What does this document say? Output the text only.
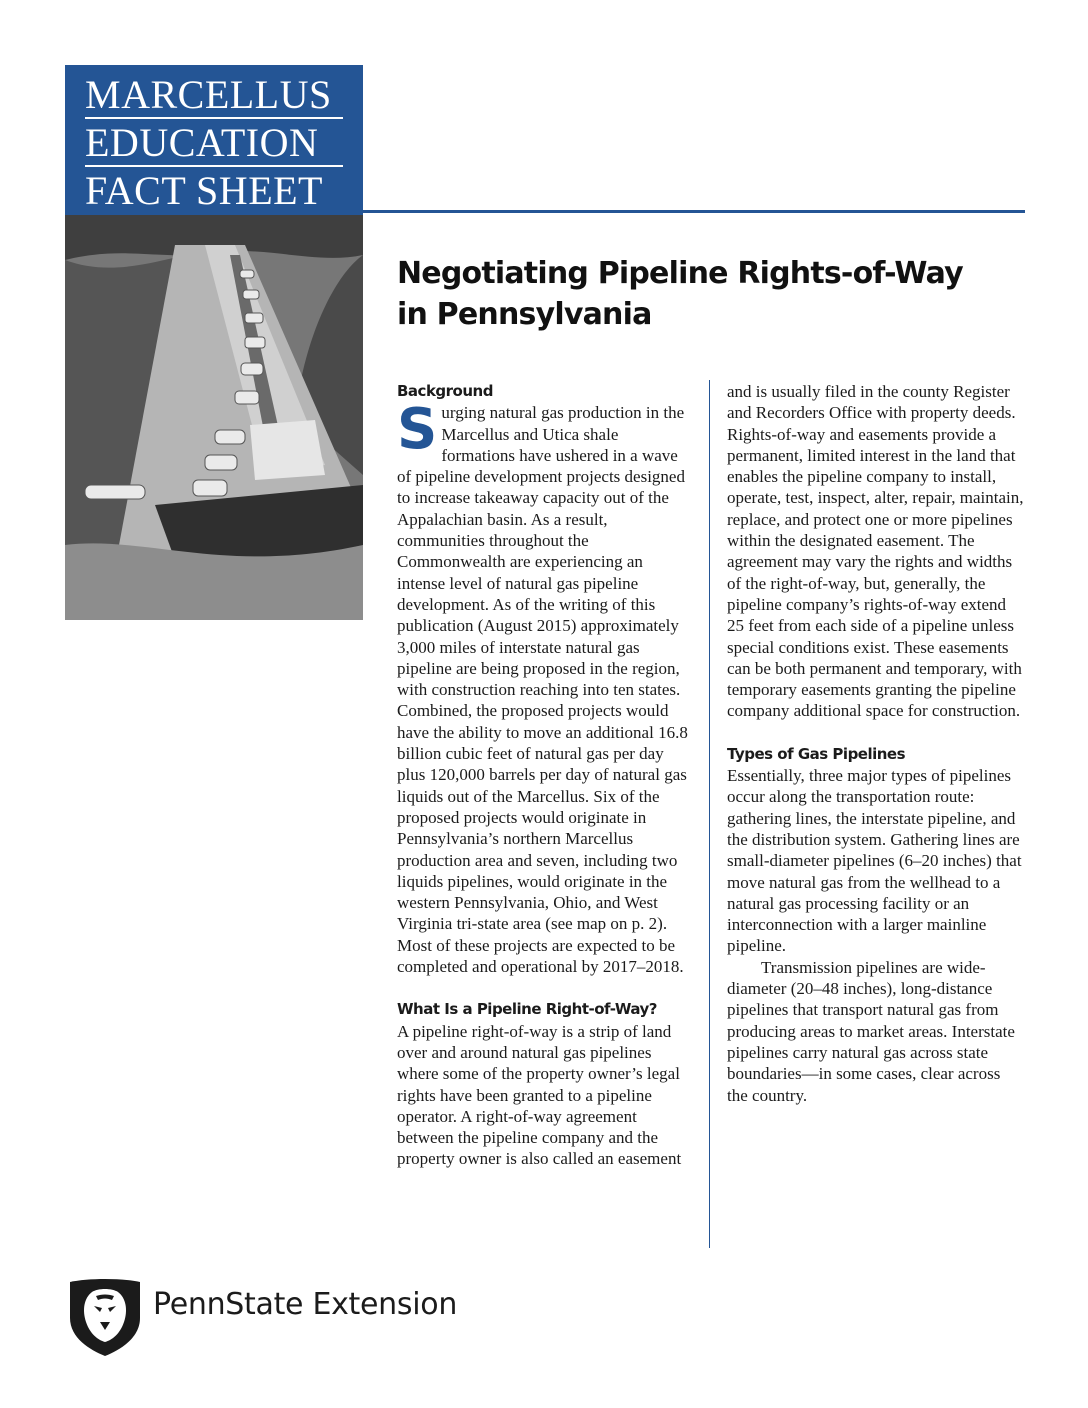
MARCELLUS
EDUCATION
FACT SHEET
Negotiating Pipeline Rights-of-Way
in Pennsylvania
Background

Surging natural gas production in the Marcellus and Utica shale formations have ushered in a wave of pipeline development projects designed to increase takeaway capacity out of the Appalachian basin. As a result, communities throughout the Commonwealth are experiencing an intense level of natural gas pipeline development. As of the writing of this publication (August 2015) approximately 3,000 miles of interstate natural gas pipeline are being proposed in the region, with construction reaching into ten states. Combined, the proposed projects would have the ability to move an additional 16.8 billion cubic feet of natural gas per day plus 120,000 barrels per day of natural gas liquids out of the Marcellus. Six of the proposed projects would originate in Pennsylvania’s northern Marcellus production area and seven, including two liquids pipelines, would originate in the western Pennsylvania, Ohio, and West Virginia tri-state area (see map on p. 2). Most of these projects are expected to be completed and operational by 2017–2018.

What Is a Pipeline Right-of-Way?

A pipeline right-of-way is a strip of land over and around natural gas pipelines where some of the property owner’s legal rights have been granted to a pipeline operator. A right-of-way agreement between the pipeline company and the property owner is also called an easement

and is usually filed in the county Register and Recorders Office with property deeds. Rights-of-way and easements provide a permanent, limited interest in the land that enables the pipeline company to install, operate, test, inspect, alter, repair, maintain, replace, and protect one or more pipelines within the designated easement. The agreement may vary the rights and widths of the right-of-way, but, generally, the pipeline company’s rights-of-way extend 25 feet from each side of a pipeline unless special conditions exist. These easements can be both permanent and temporary, with temporary easements granting the pipeline company additional space for construction.

Types of Gas Pipelines

Essentially, three major types of pipelines occur along the transportation route: gathering lines, the interstate pipeline, and the distribution system. Gathering lines are small-diameter pipelines (6–20 inches) that move natural gas from the wellhead to a natural gas processing facility or an interconnection with a larger mainline pipeline.

Transmission pipelines are wide-diameter (20–48 inches), long-distance pipelines that transport natural gas from producing areas to market areas. Interstate pipelines carry natural gas across state boundaries—in some cases, clear across the country.

PennState Extension
